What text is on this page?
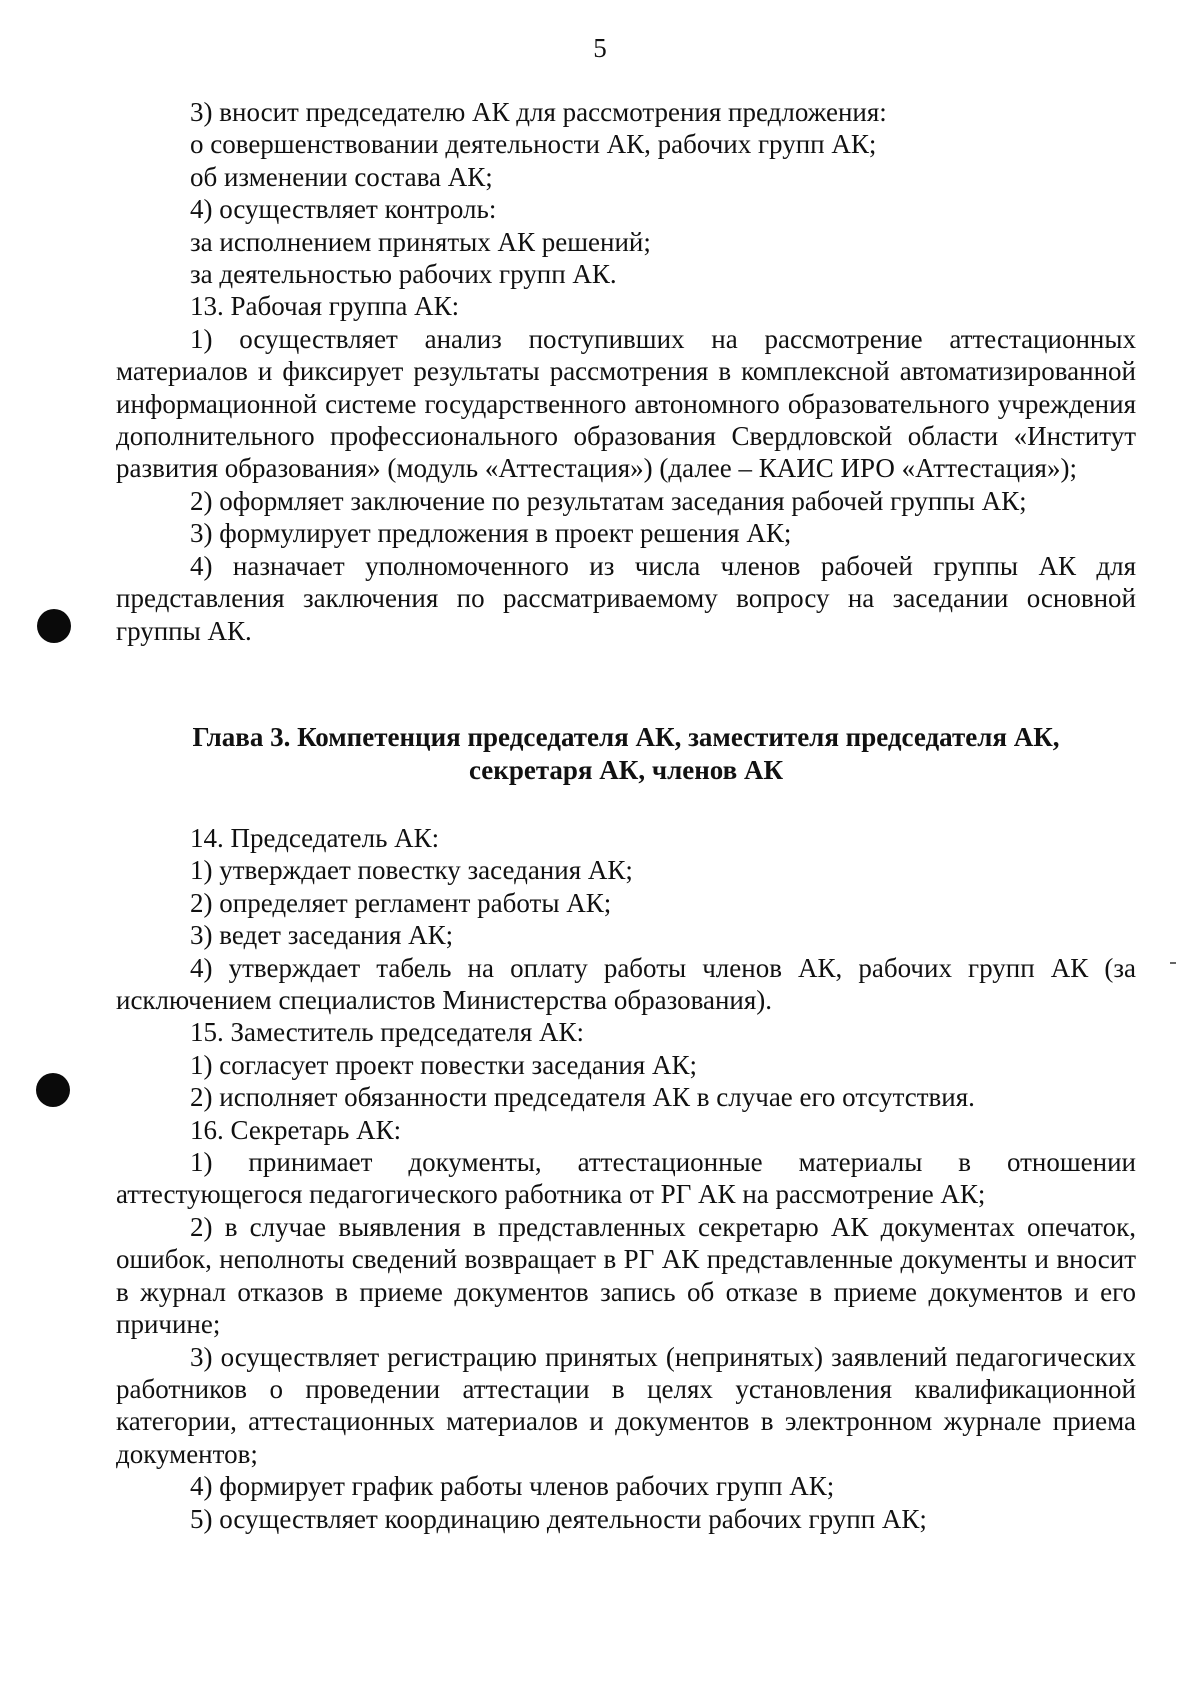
5

3) вносит председателю АК для рассмотрения предложения:

о совершенствовании деятельности АК, рабочих групп АК;

об изменении состава АК;

4) осуществляет контроль:

за исполнением принятых АК решений;

за деятельностью рабочих групп АК.

13. Рабочая группа АК:

1) осуществляет анализ поступивших на рассмотрение аттестационных материалов и фиксирует результаты рассмотрения в комплексной автоматизированной информационной системе государственного автономного образовательного учреждения дополнительного профессионального образования Свердловской области «Институт развития образования» (модуль «Аттестация») (далее – КАИС ИРО «Аттестация»);

2) оформляет заключение по результатам заседания рабочей группы АК;

3) формулирует предложения в проект решения АК;

4) назначает уполномоченного из числа членов рабочей группы АК для представления заключения по рассматриваемому вопросу на заседании основной группы АК.

Глава 3. Компетенция председателя АК, заместителя председателя АК,
секретаря АК, членов АК

14. Председатель АК:

1) утверждает повестку заседания АК;

2) определяет регламент работы АК;

3) ведет заседания АК;

4) утверждает табель на оплату работы членов АК, рабочих групп АК (за исключением специалистов Министерства образования).

15. Заместитель председателя АК:

1) согласует проект повестки заседания АК;

2) исполняет обязанности председателя АК в случае его отсутствия.

16. Секретарь АК:

1) принимает документы, аттестационные материалы в отношении аттестующегося педагогического работника от РГ АК на рассмотрение АК;

2) в случае выявления в представленных секретарю АК документах опечаток, ошибок, неполноты сведений возвращает в РГ АК представленные документы и вносит в журнал отказов в приеме документов запись об отказе в приеме документов и его причине;

3) осуществляет регистрацию принятых (непринятых) заявлений педагогических работников о проведении аттестации в целях установления квалификационной категории, аттестационных материалов и документов в электронном журнале приема документов;

4) формирует график работы членов рабочих групп АК;

5) осуществляет координацию деятельности рабочих групп АК;
